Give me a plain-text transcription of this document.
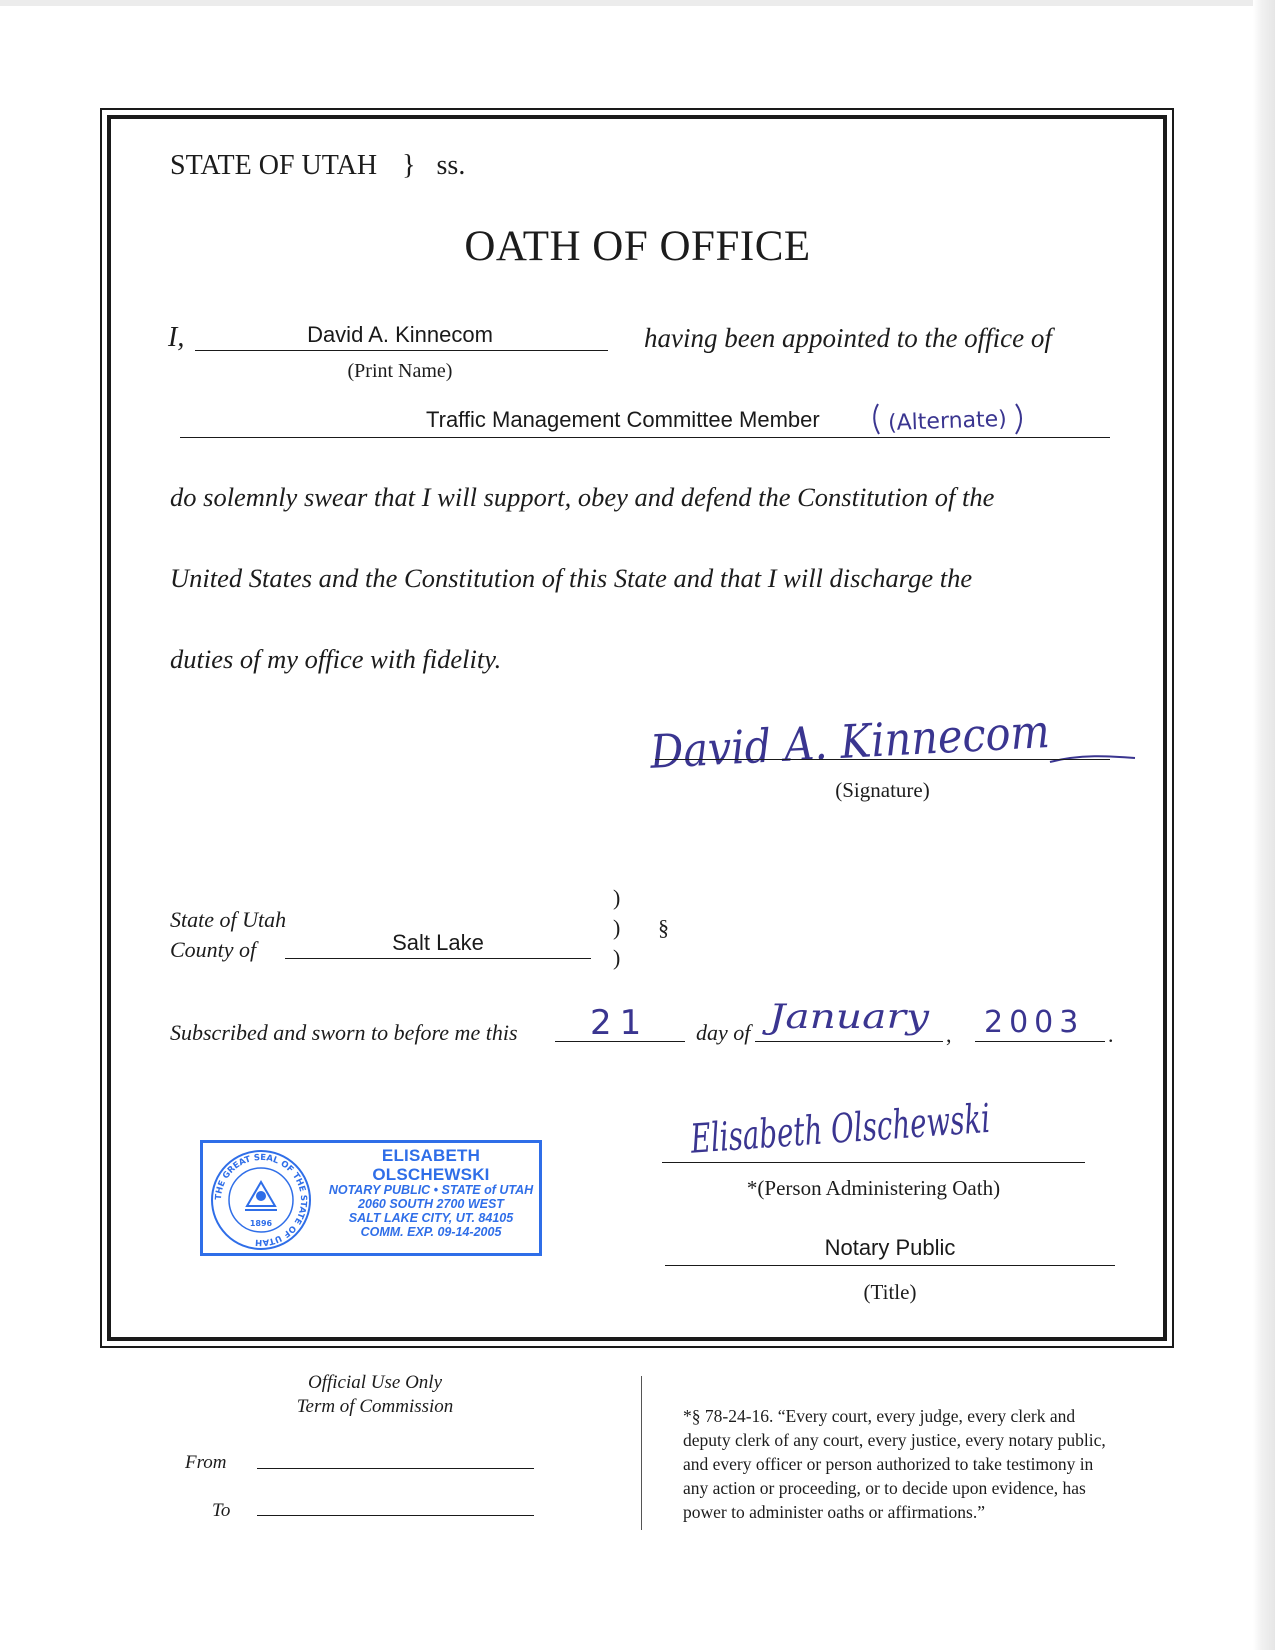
STATE OF UTAH } ss.
OATH OF OFFICE
I,	David A. Kinnecom
(Print Name)
having been appointed to the office of
Traffic Management Committee Member	(Alternate)
do solemnly swear that I will support, obey and defend the Constitution of the
United States and the Constitution of this State and that I will discharge the
duties of my office with fidelity.
David A. Kinnecom
(Signature)
State of Utah
County of	Salt Lake
)
)
)
§
Subscribed and sworn to before me this 21 day of January , 2003 .
Elisabeth Olschewski
*(Person Administering Oath)
Notary Public
(Title)
THE GREAT SEAL OF THE STATE OF UTAH
1896
ELISABETH OLSCHEWSKI
NOTARY PUBLIC • STATE of UTAH
2060 SOUTH 2700 WEST
SALT LAKE CITY, UT. 84105
COMM. EXP. 09-14-2005
Official Use Only
Term of Commission
From
To
*§ 78-24-16. “Every court, every judge, every clerk and
deputy clerk of any court, every justice, every notary public,
and every officer or person authorized to take testimony in
any action or proceeding, or to decide upon evidence, has
power to administer oaths or affirmations.”
